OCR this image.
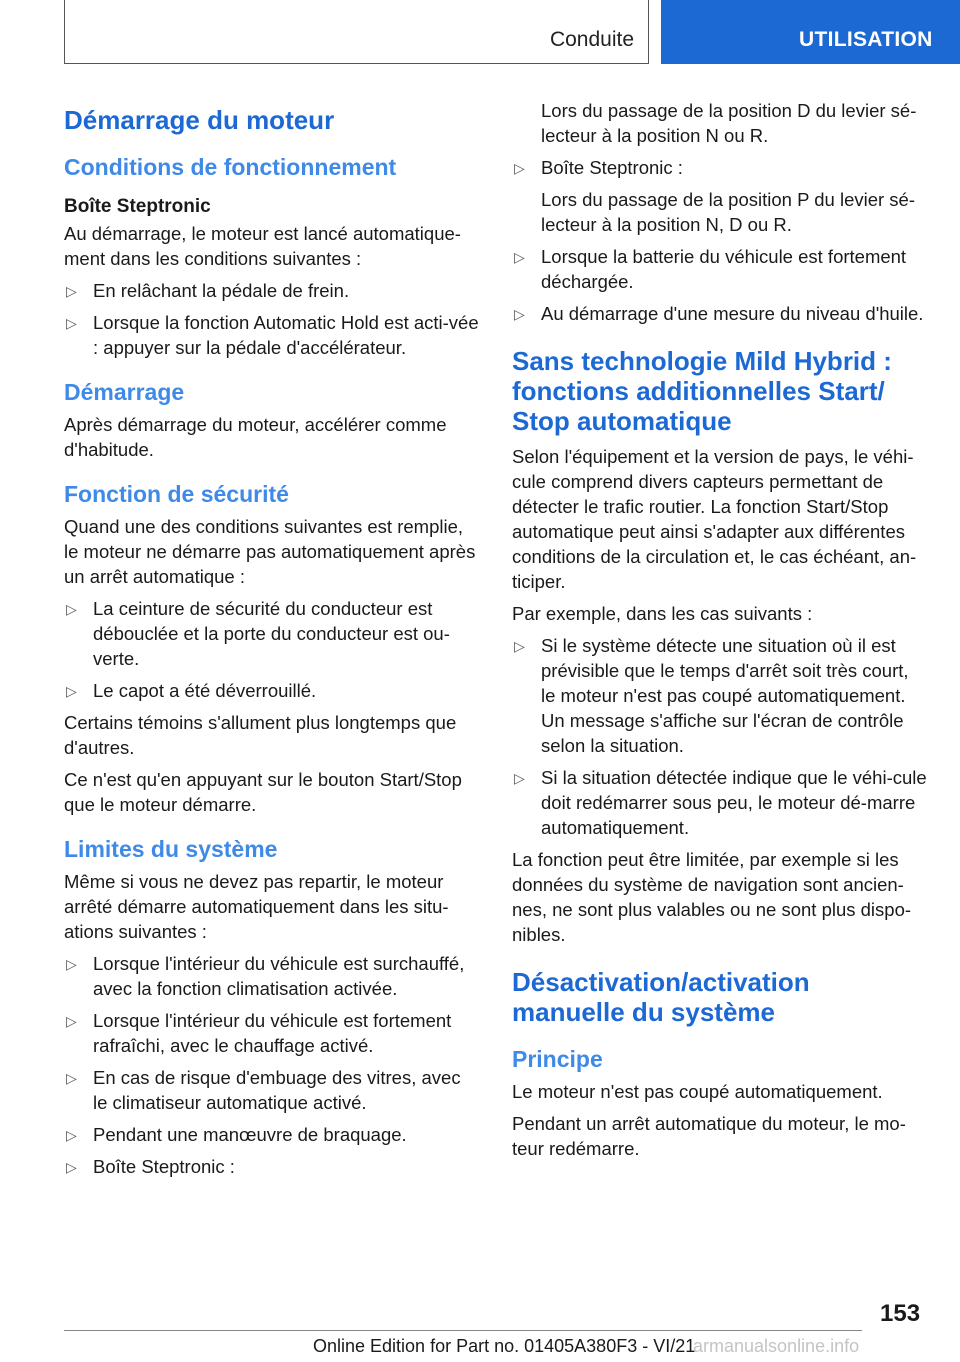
Conduite	UTILISATION
Démarrage du moteur
Conditions de fonctionnement
Boîte Steptronic

Au démarrage, le moteur est lancé automatique‐ment dans les conditions suivantes :

▷ En relâchant la pédale de frein.
▷ Lorsque la fonction Automatic Hold est acti‐vée : appuyer sur la pédale d'accélérateur.
Démarrage

Après démarrage du moteur, accélérer comme d'habitude.

Fonction de sécurité

Quand une des conditions suivantes est remplie, le moteur ne démarre pas automatiquement après un arrêt automatique :

▷ La ceinture de sécurité du conducteur est débouclée et la porte du conducteur est ou‐verte.
▷ Le capot a été déverrouillé.

Certains témoins s'allument plus longtemps que d'autres.

Ce n'est qu'en appuyant sur le bouton Start/Stop que le moteur démarre.

Limites du système

Même si vous ne devez pas repartir, le moteur arrêté démarre automatiquement dans les situ‐ations suivantes :

▷ Lorsque l'intérieur du véhicule est surchauffé, avec la fonction climatisation activée.
▷ Lorsque l'intérieur du véhicule est fortement rafraîchi, avec le chauffage activé.
▷ En cas de risque d'embuage des vitres, avec le climatiseur automatique activé.
▷ Pendant une manœuvre de braquage.
▷ Boîte Steptronic :

Lors du passage de la position D du levier sé‐lecteur à la position N ou R.

▷ Boîte Steptronic :

Lors du passage de la position P du levier sé‐lecteur à la position N, D ou R.

▷ Lorsque la batterie du véhicule est fortement déchargée.
▷ Au démarrage d'une mesure du niveau d'huile.
Sans technologie Mild Hybrid : fonctions additionnelles Start/ Stop automatique

Selon l'équipement et la version de pays, le véhi‐cule comprend divers capteurs permettant de détecter le trafic routier. La fonction Start/Stop automatique peut ainsi s'adapter aux différentes conditions de la circulation et, le cas échéant, an‐ticiper.

Par exemple, dans les cas suivants :

▷ Si le système détecte une situation où il est prévisible que le temps d'arrêt soit très court, le moteur n'est pas coupé automatiquement. Un message s'affiche sur l'écran de contrôle selon la situation.
▷ Si la situation détectée indique que le véhi‐cule doit redémarrer sous peu, le moteur dé‐marre automatiquement.

La fonction peut être limitée, par exemple si les données du système de navigation sont ancien‐nes, ne sont plus valables ou ne sont plus dispo‐nibles.

Désactivation/activation manuelle du système
Principe

Le moteur n'est pas coupé automatiquement.

Pendant un arrêt automatique du moteur, le mo‐teur redémarre.

153
Online Edition for Part no. 01405A380F3 - VI/21
armanualsonline.info
